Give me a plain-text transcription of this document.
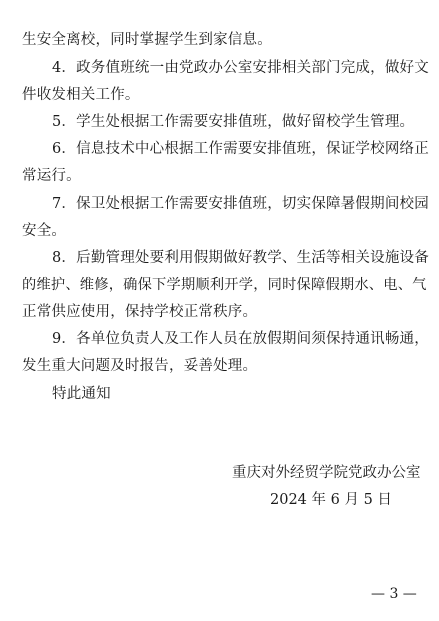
生安全离校，同时掌握学生到家信息。
4．政务值班统一由党政办公室安排相关部门完成，做好文
件收发相关工作。
5．学生处根据工作需要安排值班，做好留校学生管理。
6．信息技术中心根据工作需要安排值班，保证学校网络正
常运行。
7．保卫处根据工作需要安排值班，切实保障暑假期间校园
安全。
8．后勤管理处要利用假期做好教学、生活等相关设施设备
的维护、维修，确保下学期顺利开学，同时保障假期水、电、气
正常供应使用，保持学校正常秩序。
9．各单位负责人及工作人员在放假期间须保持通讯畅通，
发生重大问题及时报告，妥善处理。
特此通知
重庆对外经贸学院党政办公室
2024 年 6 月 5 日
— 3 —
